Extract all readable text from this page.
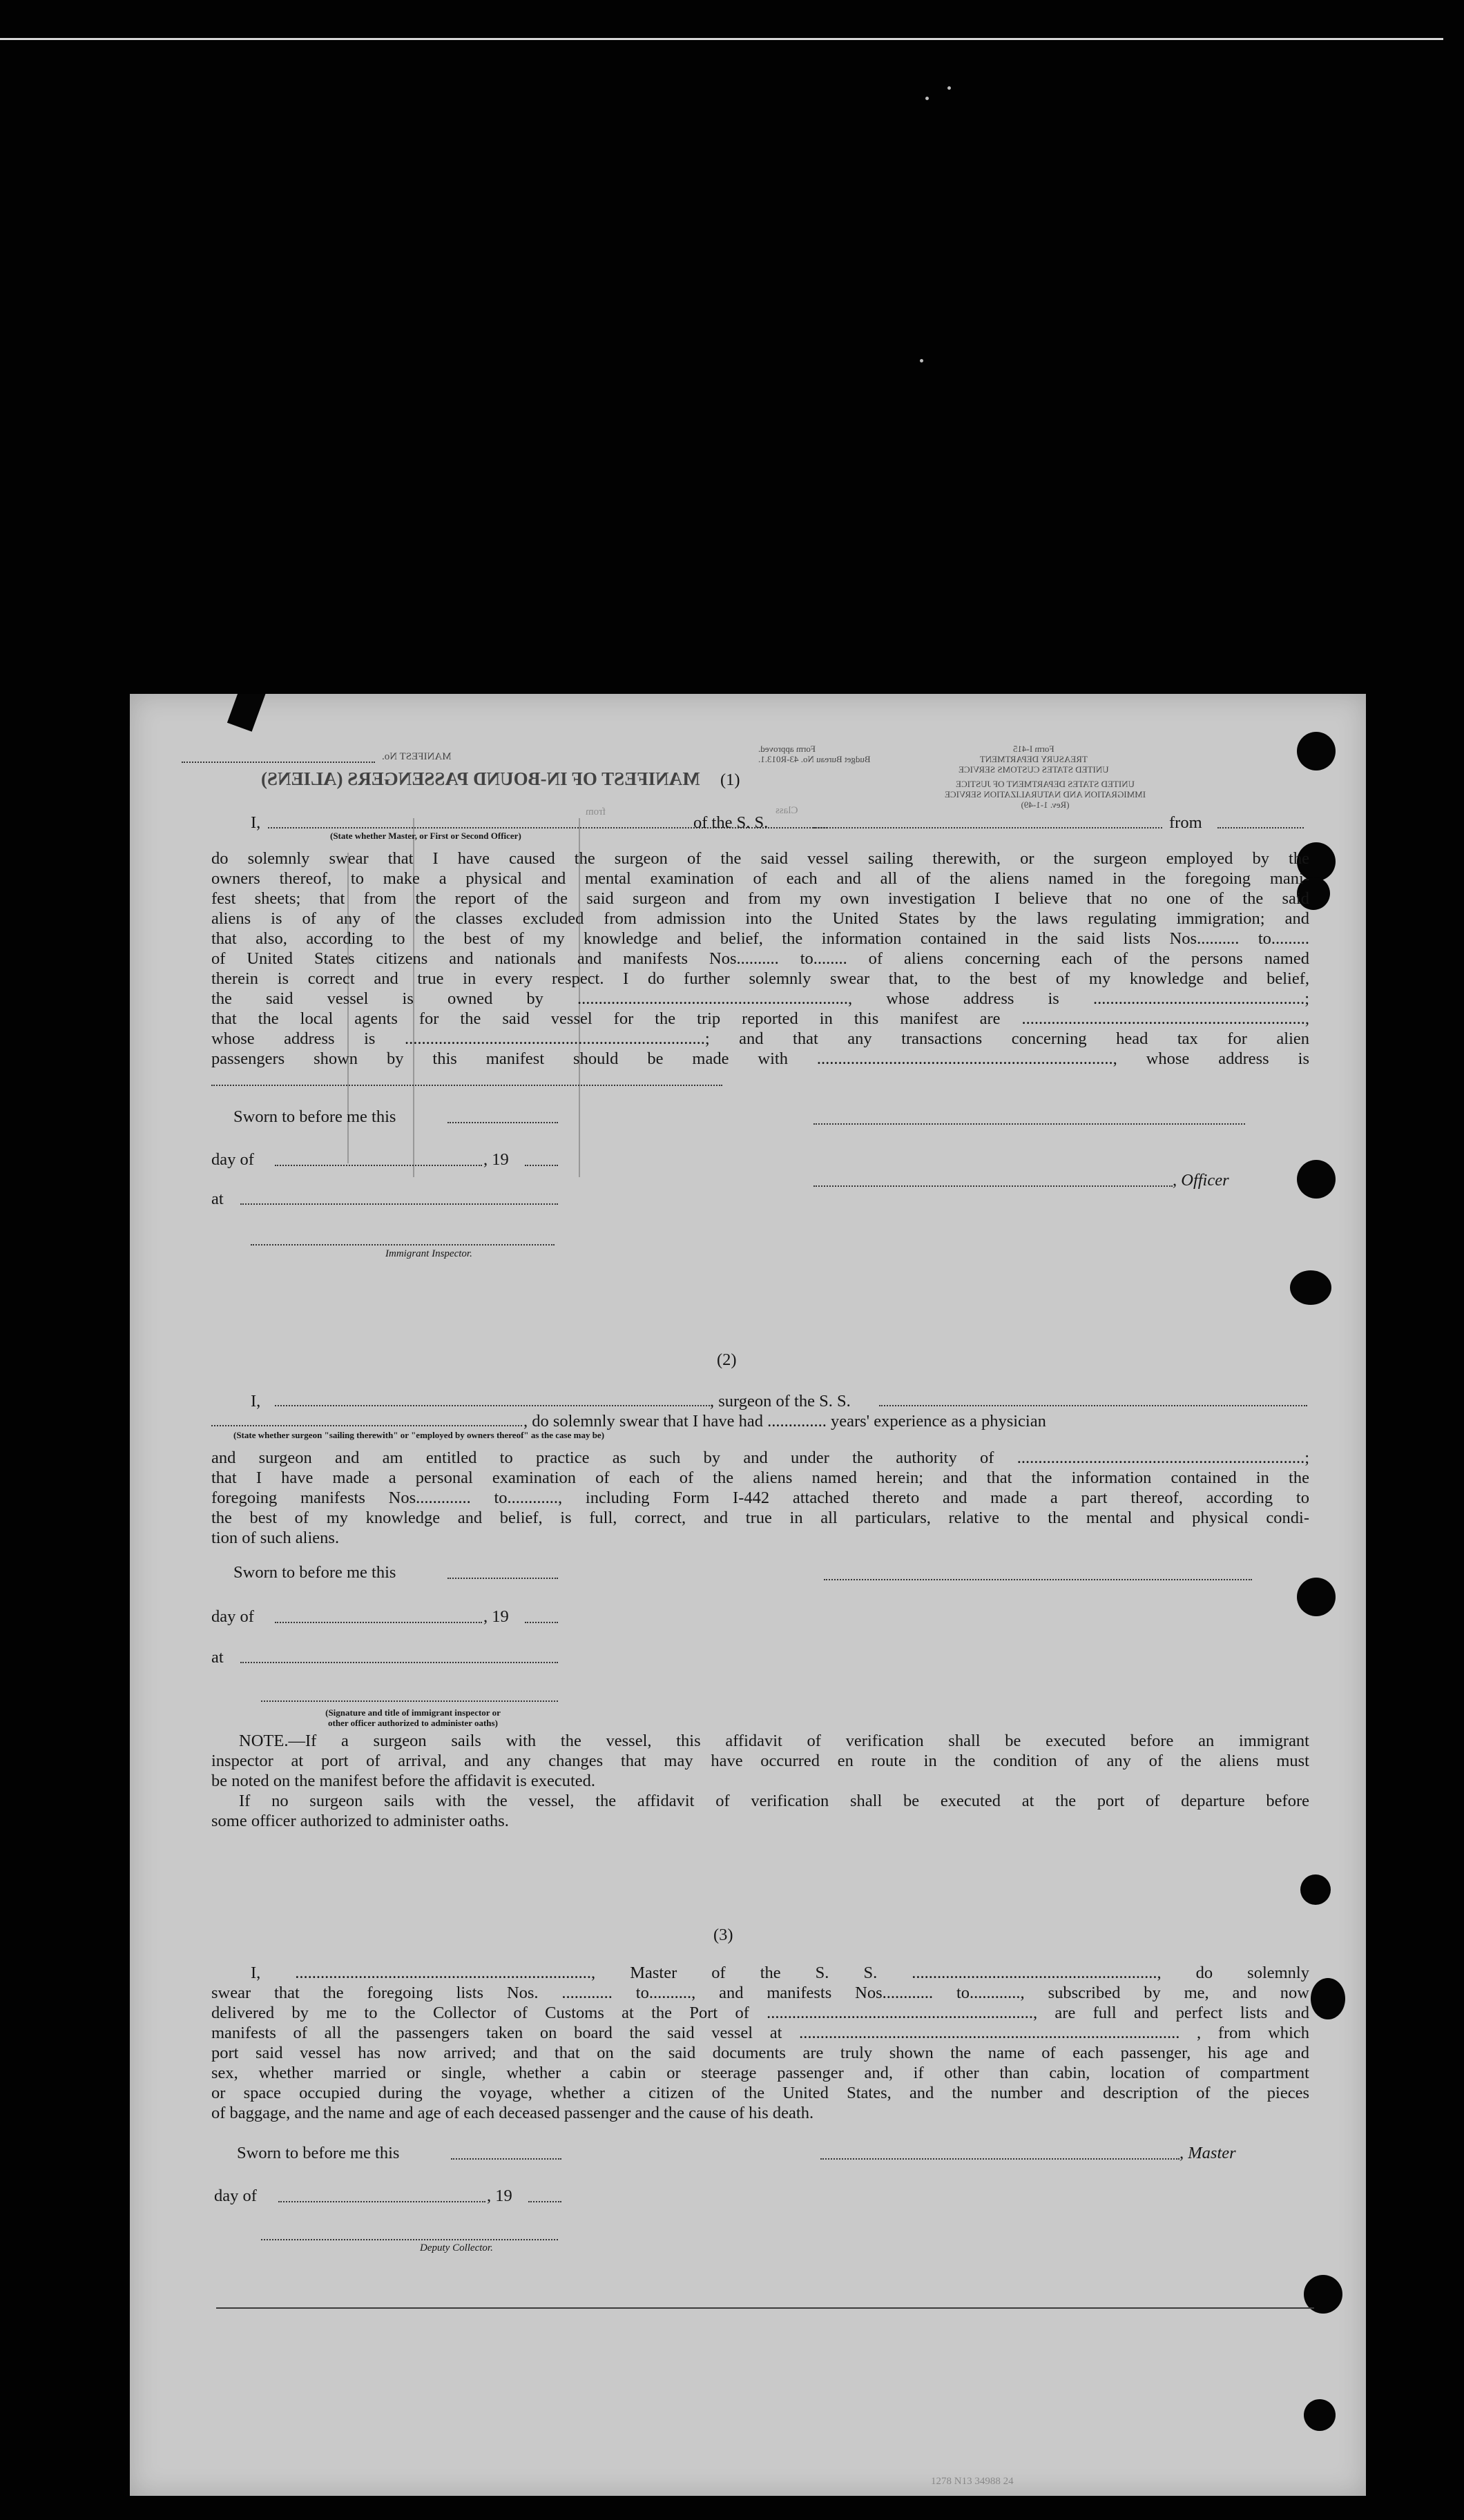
MANIFEST No.
Form approved.
Budget Bureau No. 43-R013.1.
Form I-415
TREASURY DEPARTMENT
UNITED STATES CUSTOMS SERVICE
UNITED STATES DEPARTMENT OF JUSTICE
IMMIGRATION AND NATURALIZATION SERVICE
(Rev. 1-1-49)
MANIFEST OF IN-BOUND PASSENGERS (ALIENS) (1)
Class
from
I,	of the S. S.	from
(State whether Master, or First or Second Officer)
do solemnly swear that I have caused the surgeon of the said vessel sailing therewith, or the surgeon employed by the
owners thereof, to make a physical and mental examination of each and all of the aliens named in the foregoing mani-
fest sheets; that from the report of the said surgeon and from my own investigation I believe that no one of the said
aliens is of any of the classes excluded from admission into the United States by the laws regulating immigration; and
that also, according to the best of my knowledge and belief, the information contained in the said lists Nos.......... to.........
of United States citizens and nationals and manifests Nos.......... to........ of aliens concerning each of the persons named
therein is correct and true in every respect. I do further solemnly swear that, to the best of my knowledge and belief,
the said vessel is owned by ................................................................, whose address is ..................................................;
that the local agents for the said vessel for the trip reported in this manifest are ...................................................................,
whose address is .......................................................................; and that any transactions concerning head tax for alien
passengers shown by this manifest should be made with ......................................................................, whose address is
Sworn to before me this
day of	, 19
, Officer
at
Immigrant Inspector.
(2)
I,	, surgeon of the S. S.
, do solemnly swear that I have had .............. years' experience as a physician
(State whether surgeon "sailing therewith" or "employed by owners thereof" as the case may be)
and surgeon and am entitled to practice as such by and under the authority of ....................................................................;
that I have made a personal examination of each of the aliens named herein; and that the information contained in the
foregoing manifests Nos............. to............, including Form I-442 attached thereto and made a part thereof, according to
the best of my knowledge and belief, is full, correct, and true in all particulars, relative to the mental and physical condi-
tion of such aliens.
Sworn to before me this
day of	, 19
at
(Signature and title of immigrant inspector or
other officer authorized to administer oaths)
NOTE.—If a surgeon sails with the vessel, this affidavit of verification shall be executed before an immigrant
inspector at port of arrival, and any changes that may have occurred en route in the condition of any of the aliens must
be noted on the manifest before the affidavit is executed.
If no surgeon sails with the vessel, the affidavit of verification shall be executed at the port of departure before
some officer authorized to administer oaths.
(3)
I, ......................................................................, Master of the S. S. .........................................................., do solemnly
swear that the foregoing lists Nos. ............ to.........., and manifests Nos............ to............, subscribed by me, and now
delivered by me to the Collector of Customs at the Port of ..............................................................., are full and perfect lists and
manifests of all the passengers taken on board the said vessel at .......................................................................................... , from which
port said vessel has now arrived; and that on the said documents are truly shown the name of each passenger, his age and
sex, whether married or single, whether a cabin or steerage passenger and, if other than cabin, location of compartment
or space occupied during the voyage, whether a citizen of the United States, and the number and description of the pieces
of baggage, and the name and age of each deceased passenger and the cause of his death.
Sworn to before me this	, Master
day of	, 19
Deputy Collector.
1278 N13 34988 24
